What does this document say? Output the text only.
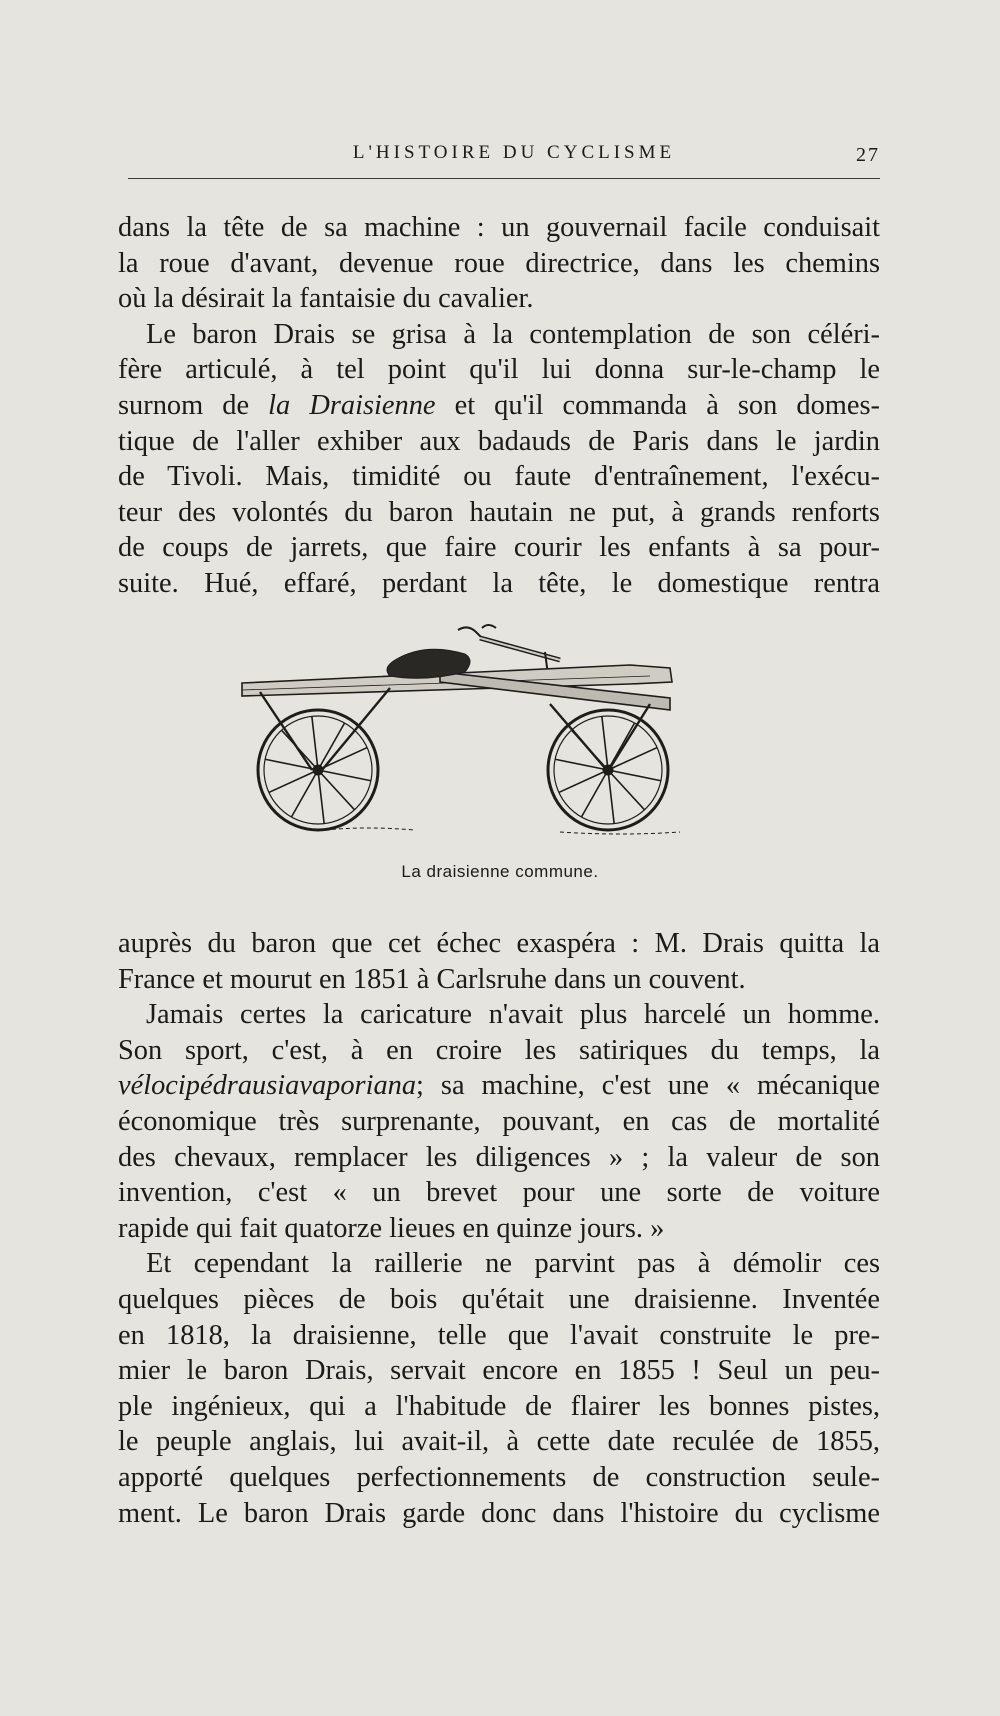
L'HISTOIRE DU CYCLISME	27
dans la tête de sa machine : un gouvernail facile conduisait
la roue d'avant, devenue roue directrice, dans les chemins
où la désirait la fantaisie du cavalier.
Le baron Drais se grisa à la contemplation de son céléri-
fère articulé, à tel point qu'il lui donna sur-le-champ le
surnom de la Draisienne et qu'il commanda à son domes-
tique de l'aller exhiber aux badauds de Paris dans le jardin
de Tivoli. Mais, timidité ou faute d'entraînement, l'exécu-
teur des volontés du baron hautain ne put, à grands renforts
de coups de jarrets, que faire courir les enfants à sa pour-
suite. Hué, effaré, perdant la tête, le domestique rentra
La draisienne commune.
auprès du baron que cet échec exaspéra : M. Drais quitta la
France et mourut en 1851 à Carlsruhe dans un couvent.
Jamais certes la caricature n'avait plus harcelé un homme.
Son sport, c'est, à en croire les satiriques du temps, la
vélocipédrausiavaporiana; sa machine, c'est une « mécanique
économique très surprenante, pouvant, en cas de mortalité
des chevaux, remplacer les diligences » ; la valeur de son
invention, c'est « un brevet pour une sorte de voiture
rapide qui fait quatorze lieues en quinze jours. »
Et cependant la raillerie ne parvint pas à démolir ces
quelques pièces de bois qu'était une draisienne. Inventée
en 1818, la draisienne, telle que l'avait construite le pre-
mier le baron Drais, servait encore en 1855 ! Seul un peu-
ple ingénieux, qui a l'habitude de flairer les bonnes pistes,
le peuple anglais, lui avait-il, à cette date reculée de 1855,
apporté quelques perfectionnements de construction seule-
ment. Le baron Drais garde donc dans l'histoire du cyclisme
